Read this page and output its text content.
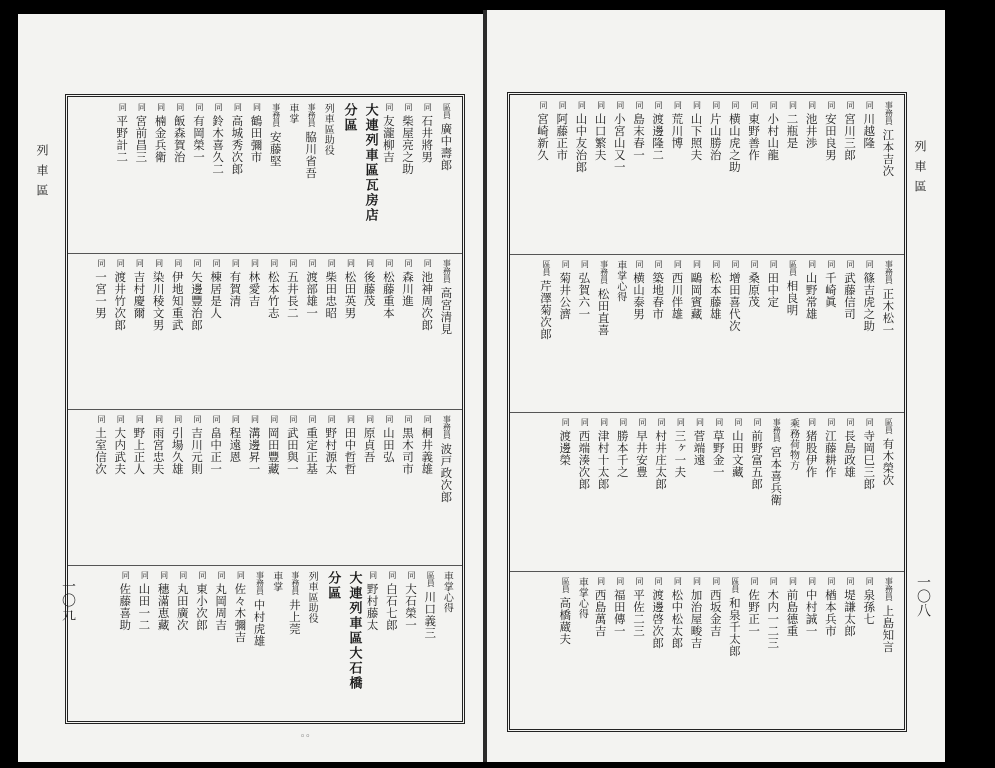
列車區
一〇九
區員廣中壽郎
同石井將男
同柴屋亮之助
同友瀧柳吉
大連列車區瓦房店
分區
列車區助役
事務員脇川省吾
車掌
事務員安藤堅
同鶴田彌市
同高城秀次郎
同鈴木喜久二
同有岡榮一
同飯森賀治
同楠金兵衛
同宮前昌三
同平野計二
事務員高宮清見
同池神周次郎
同森川進
同松藤重本
同後藤茂
同松田英男
同柴田忠昭
同渡部雄一
同五井長二
同松本竹志
同林愛吉
同有賀清
同棟居是人
同矢邊豐治郎
同伊地知重武
同染川稜文男
同吉村慶爾
同渡井竹次郎
同一宮一男
事務員波戸政次郎
同桐井義雄
同黒木司市
同山田弘
同原貞吾
同田中哲哲
同野村源太
同重定正基
同武田與一
同岡田豐藏
同溝邊昇一
同程遠恩
同畠中正一
同吉川元則
同引場久雄
同雨宮忠夫
同野上正人
同大内武夫
同土室信次
車掌心得
區員川口義三
同大石榮一
同白石七郎
同野村藤太
大連列車區大石橋
分區
列車區助役
事務員井上莞
車掌
事務員中村虎雄
同佐々木彌吉
同丸岡周吉
同東小次郎
同丸田廣次
同穗滿恵藏
同山田一二
同佐藤喜助
◦◦
列車區
一〇八
事務員江本吉次
同川越隆
同宮川三郎
同安田良男
同池井渉
同二瓶是
同小村山龍
同東野善作
同横山虎之助
同片山勝治
同山下照夫
同荒川博
同渡邊隆二
同島末春一
同小宮山又一
同山口繁夫
同山中友治郎
同阿藤正市
同宮崎新久
事務員正木松一
同篠吉虎之助
同武藤信司
同千崎眞
同山野常雄
區員相良明
同田中定
同桑原茂
同增田喜代次
同松本藤雄
同鷗岡賓藏
同西川伴雄
同築地春市
同横山泰男
車掌心得
事務員松田直喜
同弘賀六一
同菊井公濟
區員芹澤菊次郎
區員有木榮次
同寺岡巳三郎
同長島政雄
同江藤耕作
同猪股伊作
乘務荷物方
事務員宮本喜兵衛
同前野富五郎
同山田文藏
同草野金一
同菅端遠
同三ヶ一夫
同村井庄太郎
同早井安豊
同勝本千之
同津村十太郎
同西端湊次郎
同渡邊榮
事務員上島知言
同泉孫七
同堤謙太郎
同楢本兵市
同中村誠一
同前島德重
同木内一二三
同佐野正一
區員和泉千太郎
同西坂金吉
同加治屋畯吉
同松中松太郎
同渡邊啓次郎
同平佐二三
同福田傳一
同西島萬吉
車掌心得
區員高橋蔵夫
